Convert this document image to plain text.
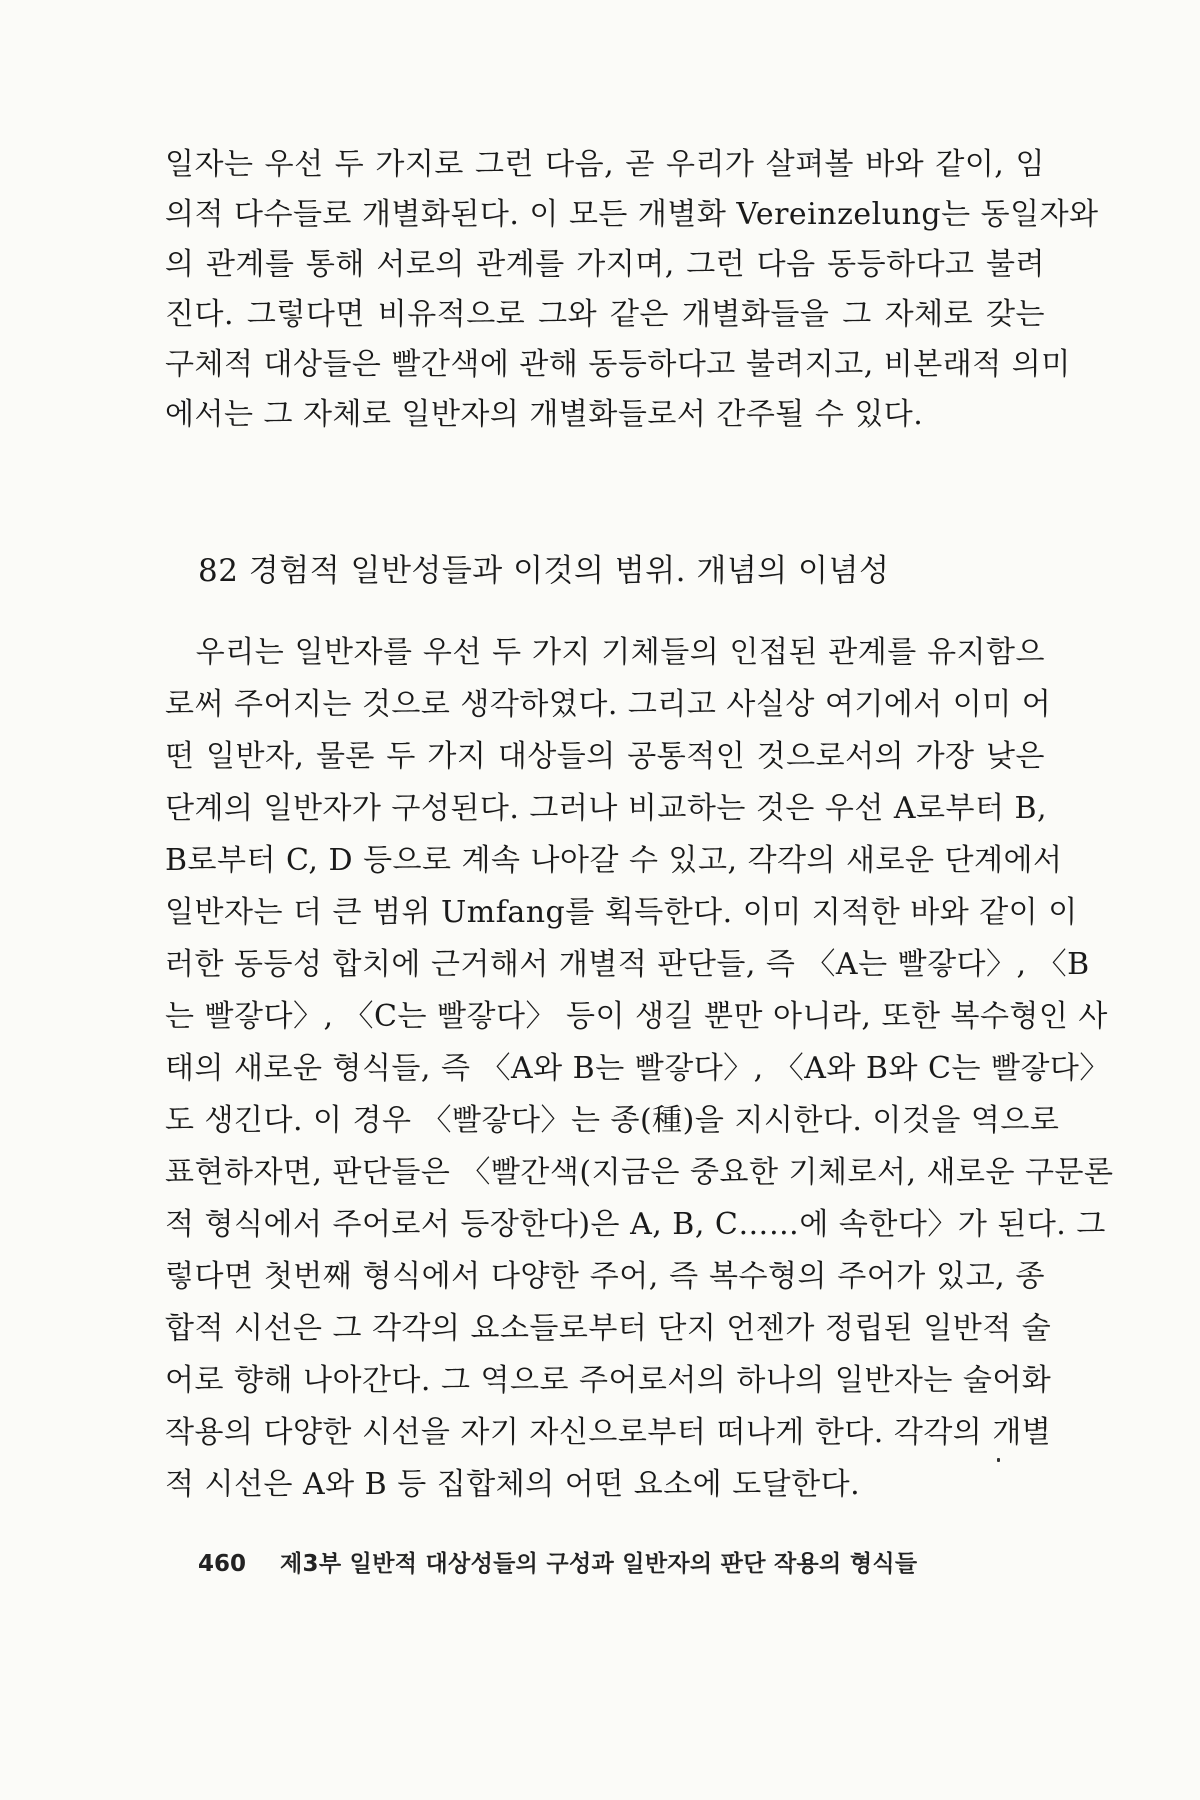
일자는 우선 두 가지로 그런 다음, 곧 우리가 살펴볼 바와 같이, 임
의적 다수들로 개별화된다. 이 모든 개별화 Vereinzelung는 동일자와
의 관계를 통해 서로의 관계를 가지며, 그런 다음 동등하다고 불려
진다. 그렇다면 비유적으로 그와 같은 개별화들을 그 자체로 갖는
구체적 대상들은 빨간색에 관해 동등하다고 불려지고, 비본래적 의미
에서는 그 자체로 일반자의 개별화들로서 간주될 수 있다.
82 경험적 일반성들과 이것의 범위. 개념의 이념성
　우리는 일반자를 우선 두 가지 기체들의 인접된 관계를 유지함으
로써 주어지는 것으로 생각하였다. 그리고 사실상 여기에서 이미 어
떤 일반자, 물론 두 가지 대상들의 공통적인 것으로서의 가장 낮은
단계의 일반자가 구성된다. 그러나 비교하는 것은 우선 A로부터 B,
B로부터 C, D 등으로 계속 나아갈 수 있고, 각각의 새로운 단계에서
일반자는 더 큰 범위 Umfang를 획득한다. 이미 지적한 바와 같이 이
러한 동등성 합치에 근거해서 개별적 판단들, 즉 〈A는 빨갛다〉, 〈B
는 빨갛다〉, 〈C는 빨갛다〉 등이 생길 뿐만 아니라, 또한 복수형인 사
태의 새로운 형식들, 즉 〈A와 B는 빨갛다〉, 〈A와 B와 C는 빨갛다〉
도 생긴다. 이 경우 〈빨갛다〉는 종(種)을 지시한다. 이것을 역으로
표현하자면, 판단들은 〈빨간색(지금은 중요한 기체로서, 새로운 구문론
적 형식에서 주어로서 등장한다)은 A, B, C……에 속한다〉가 된다. 그
렇다면 첫번째 형식에서 다양한 주어, 즉 복수형의 주어가 있고, 종
합적 시선은 그 각각의 요소들로부터 단지 언젠가 정립된 일반적 술
어로 향해 나아간다. 그 역으로 주어로서의 하나의 일반자는 술어화
작용의 다양한 시선을 자기 자신으로부터 떠나게 한다. 각각의 개별
적 시선은 A와 B 등 집합체의 어떤 요소에 도달한다.
460 제3부 일반적 대상성들의 구성과 일반자의 판단 작용의 형식들
